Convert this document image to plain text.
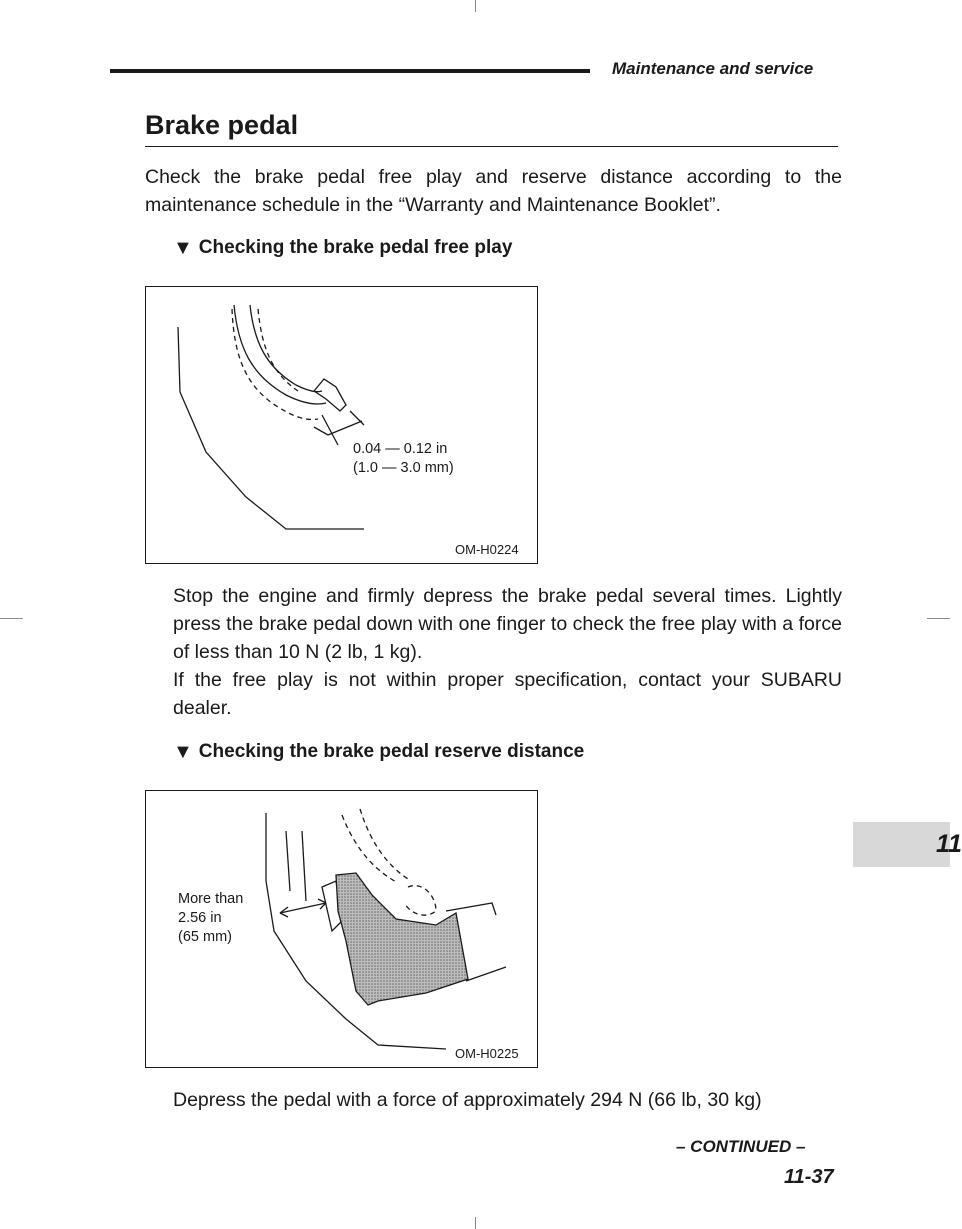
Maintenance and service
Brake pedal
Check the brake pedal free play and reserve distance according to the maintenance schedule in the “Warranty and Maintenance Booklet”.
▼ Checking the brake pedal free play
0.04 — 0.12 in
(1.0 — 3.0 mm)
OM-H0224
Stop the engine and firmly depress the brake pedal several times. Lightly press the brake pedal down with one finger to check the free play with a force of less than 10 N (2 lb, 1 kg).
If the free play is not within proper specification, contact your SUBARU dealer.
▼ Checking the brake pedal reserve distance
More than
2.56 in
(65 mm)
OM-H0225
Depress the pedal with a force of approximately 294 N (66 lb, 30 kg)
11
– CONTINUED –
11-37
